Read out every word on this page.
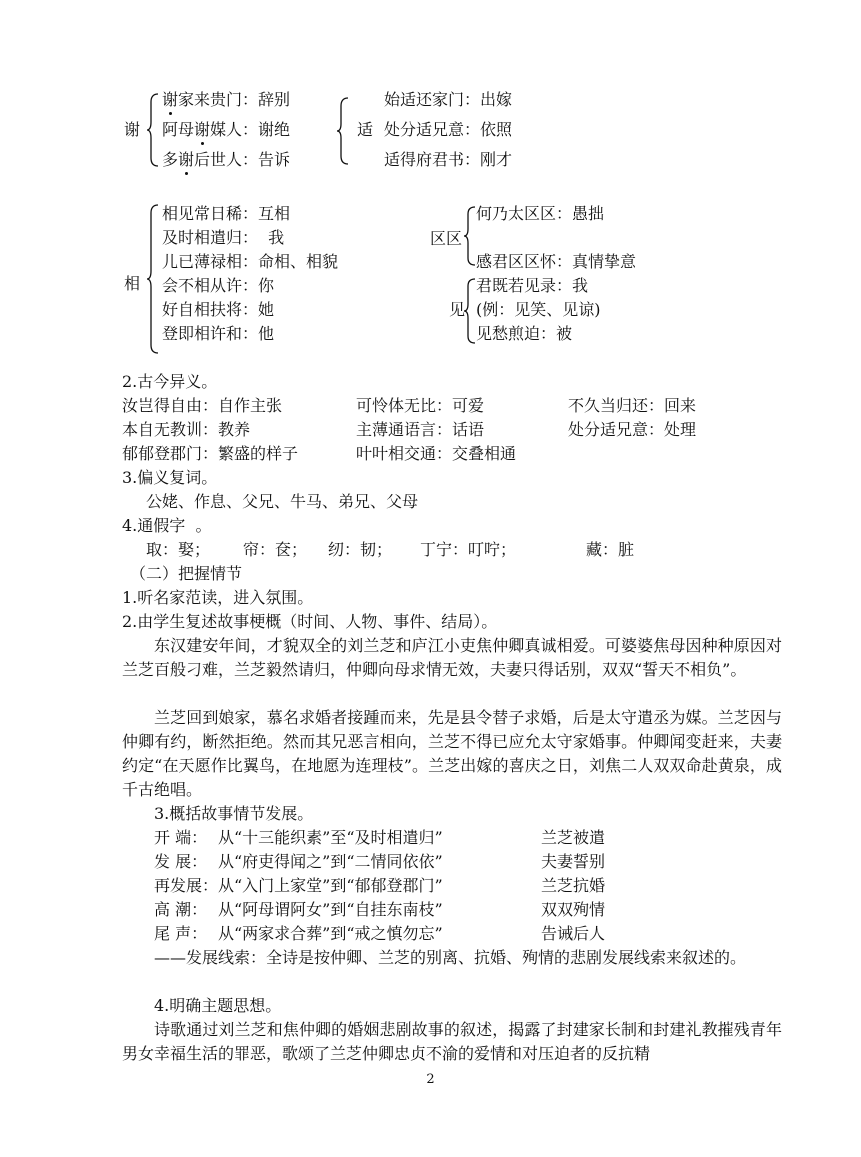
谢
谢家来贵门：辞别
阿母谢媒人：谢绝
多谢后世人：告诉
适
始适还家门：出嫁
处分适兄意：依照
适得府君书：刚才
相
相见常日稀：互相
及时相遣归：  我
儿已薄禄相：命相、相貌
会不相从许：你
好自相扶将：她
登即相许和：他
区区
何乃太区区：愚拙
感君区区怀：真情挚意
见
君既若见录：我
(例：见笑、见谅)
见愁煎迫：被
2.古今异义。
汝岂得自由：自作主张	可怜体无比：可爱	不久当归还：回来
本自无教训：教养	主薄通语言：话语	处分适兄意：处理
郁郁登郡门：繁盛的样子	叶叶相交通：交叠相通
3.偏义复词。
公姥、作息、父兄、牛马、弟兄、父母
4.通假字  。
取：娶； 帘：奁； 纫：韧； 丁宁：叮咛；	藏：脏
（二）把握情节
1.听名家范读，进入氛围。
2.由学生复述故事梗概（时间、人物、事件、结局）。
东汉建安年间，才貌双全的刘兰芝和庐江小吏焦仲卿真诚相爱。可婆婆焦母因种种原因对兰芝百般刁难，兰芝毅然请归，仲卿向母求情无效，夫妻只得话别，双双“誓天不相负”。
兰芝回到娘家，慕名求婚者接踵而来，先是县令替子求婚，后是太守遣丞为媒。兰芝因与仲卿有约，断然拒绝。然而其兄恶言相向，兰芝不得已应允太守家婚事。仲卿闻变赶来，夫妻约定“在天愿作比翼鸟，在地愿为连理枝”。兰芝出嫁的喜庆之日，刘焦二人双双命赴黄泉，成千古绝唱。
3.概括故事情节发展。
开 端： 从“十三能织素”至“及时相遣归”	兰芝被遣
发 展： 从“府吏得闻之”到“二情同依依”	夫妻誓别
再发展： 从“入门上家堂”到“郁郁登郡门”	兰芝抗婚
高 潮： 从“阿母谓阿女”到“自挂东南枝”	双双殉情
尾 声： 从“两家求合葬”到“戒之慎勿忘”	告诫后人
——发展线索：全诗是按仲卿、兰芝的别离、抗婚、殉情的悲剧发展线索来叙述的。
4.明确主题思想。
诗歌通过刘兰芝和焦仲卿的婚姻悲剧故事的叙述，揭露了封建家长制和封建礼教摧残青年男女幸福生活的罪恶，歌颂了兰芝仲卿忠贞不渝的爱情和对压迫者的反抗精
2
